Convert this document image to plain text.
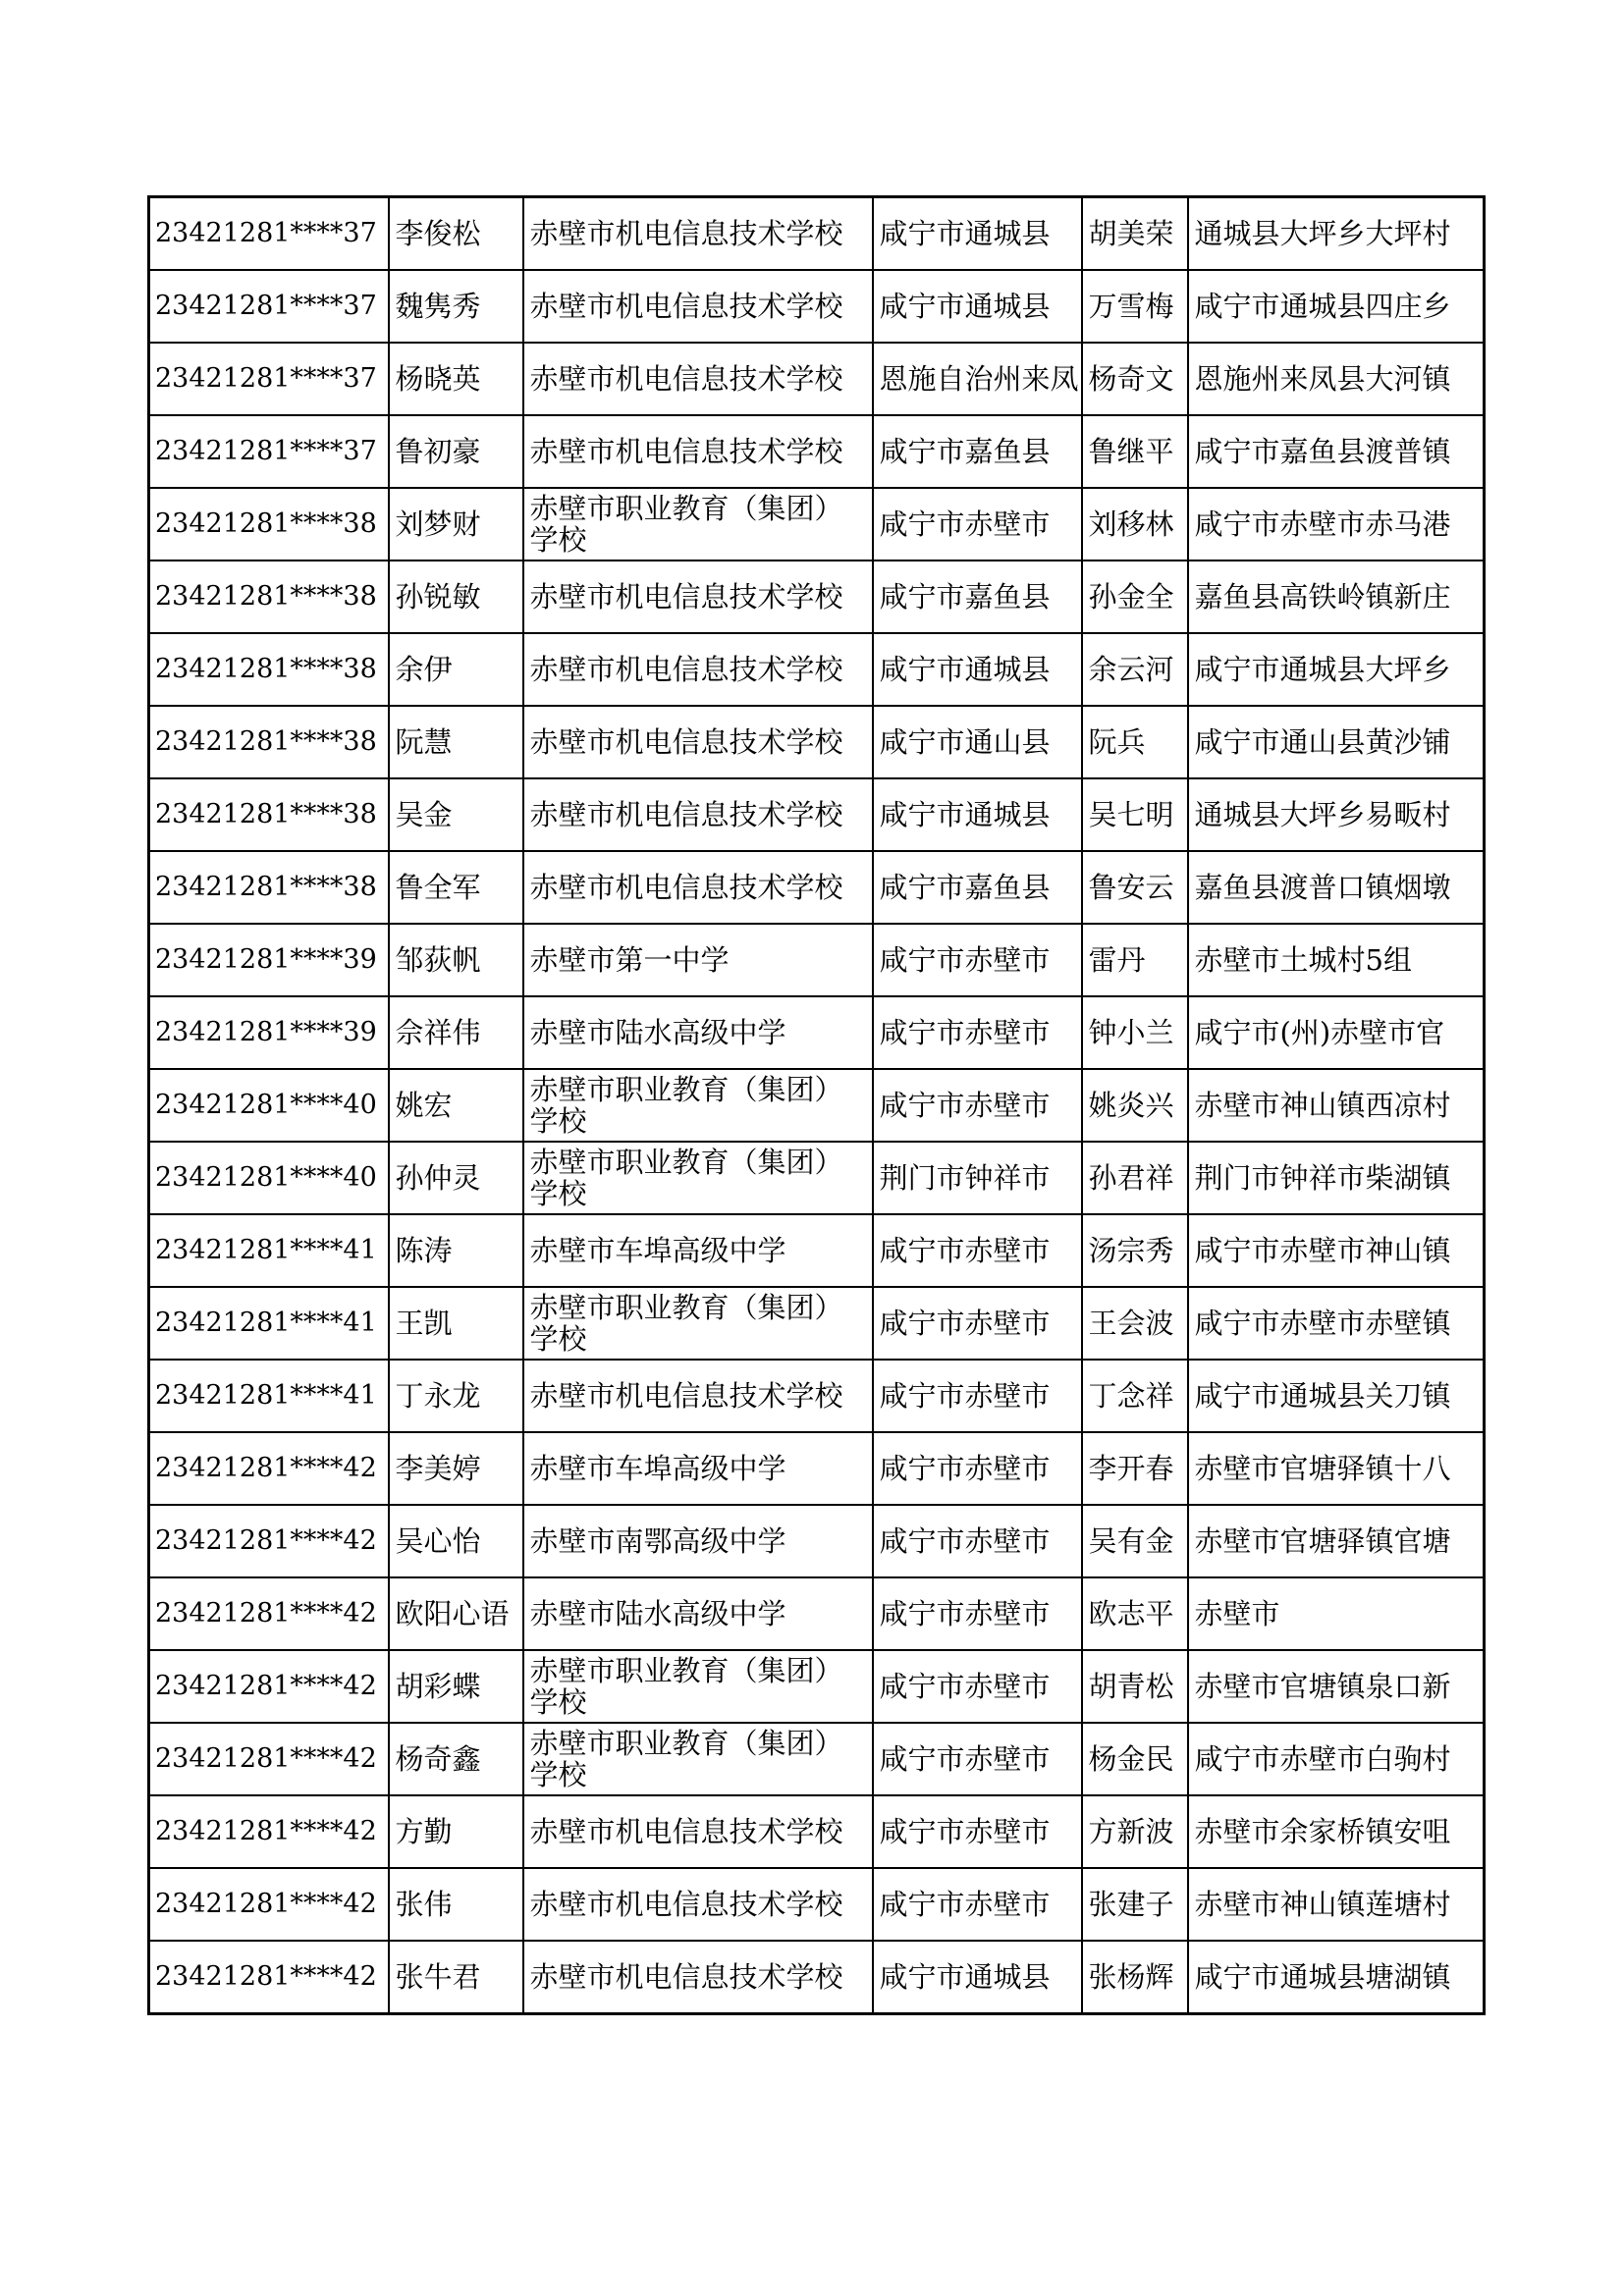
23421281****37	李俊松	赤壁市机电信息技术学校	咸宁市通城县	胡美荣	通城县大坪乡大坪村
23421281****37	魏隽秀	赤壁市机电信息技术学校	咸宁市通城县	万雪梅	咸宁市通城县四庄乡
23421281****37	杨晓英	赤壁市机电信息技术学校	恩施自治州来凤	杨奇文	恩施州来凤县大河镇
23421281****37	鲁初豪	赤壁市机电信息技术学校	咸宁市嘉鱼县	鲁继平	咸宁市嘉鱼县渡普镇
23421281****38	刘梦财	赤壁市职业教育（集团）学校	咸宁市赤壁市	刘移林	咸宁市赤壁市赤马港
23421281****38	孙锐敏	赤壁市机电信息技术学校	咸宁市嘉鱼县	孙金全	嘉鱼县高铁岭镇新庄
23421281****38	余伊	赤壁市机电信息技术学校	咸宁市通城县	余云河	咸宁市通城县大坪乡
23421281****38	阮慧	赤壁市机电信息技术学校	咸宁市通山县	阮兵	咸宁市通山县黄沙铺
23421281****38	吴金	赤壁市机电信息技术学校	咸宁市通城县	吴七明	通城县大坪乡易畈村
23421281****38	鲁全军	赤壁市机电信息技术学校	咸宁市嘉鱼县	鲁安云	嘉鱼县渡普口镇烟墩
23421281****39	邹荻帆	赤壁市第一中学	咸宁市赤壁市	雷丹	赤壁市土城村5组
23421281****39	佘祥伟	赤壁市陆水高级中学	咸宁市赤壁市	钟小兰	咸宁市(州)赤壁市官
23421281****40	姚宏	赤壁市职业教育（集团）学校	咸宁市赤壁市	姚炎兴	赤壁市神山镇西凉村
23421281****40	孙仲灵	赤壁市职业教育（集团）学校	荆门市钟祥市	孙君祥	荆门市钟祥市柴湖镇
23421281****41	陈涛	赤壁市车埠高级中学	咸宁市赤壁市	汤宗秀	咸宁市赤壁市神山镇
23421281****41	王凯	赤壁市职业教育（集团）学校	咸宁市赤壁市	王会波	咸宁市赤壁市赤壁镇
23421281****41	丁永龙	赤壁市机电信息技术学校	咸宁市赤壁市	丁念祥	咸宁市通城县关刀镇
23421281****42	李美婷	赤壁市车埠高级中学	咸宁市赤壁市	李开春	赤壁市官塘驿镇十八
23421281****42	吴心怡	赤壁市南鄂高级中学	咸宁市赤壁市	吴有金	赤壁市官塘驿镇官塘
23421281****42	欧阳心语	赤壁市陆水高级中学	咸宁市赤壁市	欧志平	赤壁市
23421281****42	胡彩蝶	赤壁市职业教育（集团）学校	咸宁市赤壁市	胡青松	赤壁市官塘镇泉口新
23421281****42	杨奇鑫	赤壁市职业教育（集团）学校	咸宁市赤壁市	杨金民	咸宁市赤壁市白驹村
23421281****42	方勤	赤壁市机电信息技术学校	咸宁市赤壁市	方新波	赤壁市余家桥镇安咀
23421281****42	张伟	赤壁市机电信息技术学校	咸宁市赤壁市	张建子	赤壁市神山镇莲塘村
23421281****42	张牛君	赤壁市机电信息技术学校	咸宁市通城县	张杨辉	咸宁市通城县塘湖镇
